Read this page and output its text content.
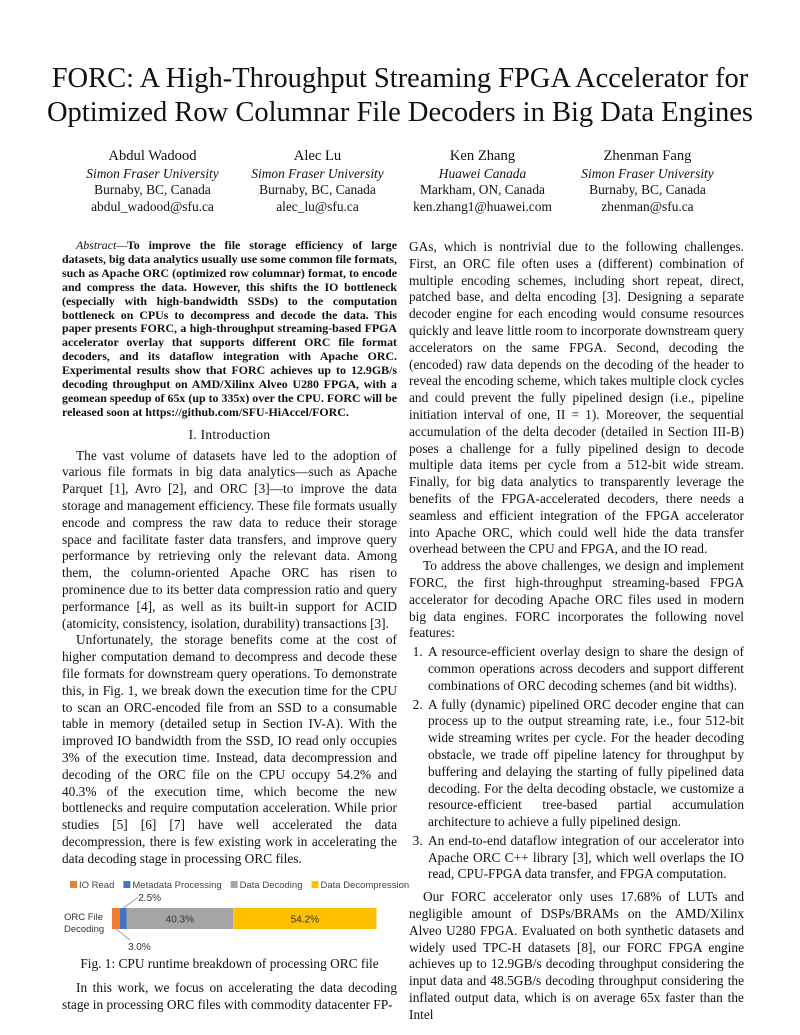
FORC: A High-Throughput Streaming FPGA Accelerator for
Optimized Row Columnar File Decoders in Big Data Engines
Abdul Wadood
Simon Fraser University
Burnaby, BC, Canada
abdul_wadood@sfu.ca
Alec Lu
Simon Fraser University
Burnaby, BC, Canada
alec_lu@sfu.ca
Ken Zhang
Huawei Canada
Markham, ON, Canada
ken.zhang1@huawei.com
Zhenman Fang
Simon Fraser University
Burnaby, BC, Canada
zhenman@sfu.ca

Abstract—To improve the file storage efficiency of large datasets, big data analytics usually use some common file formats, such as Apache ORC (optimized row columnar) format, to encode and compress the data. However, this shifts the IO bottleneck (especially with high-bandwidth SSDs) to the computation bottleneck on CPUs to decompress and decode the data. This paper presents FORC, a high-throughput streaming-based FPGA accelerator overlay that supports different ORC file format decoders, and its dataflow integration with Apache ORC. Experimental results show that FORC achieves up to 12.9GB/s decoding throughput on AMD/Xilinx Alveo U280 FPGA, with a geomean speedup of 65x (up to 335x) over the CPU. FORC will be released soon at https://github.com/SFU-HiAccel/FORC.

I. Introduction

The vast volume of datasets have led to the adoption of various file formats in big data analytics—such as Apache Parquet [1], Avro [2], and ORC [3]—to improve the data storage and management efficiency. These file formats usually encode and compress the raw data to reduce their storage space and facilitate faster data transfers, and improve query performance by retrieving only the relevant data. Among them, the column-oriented Apache ORC has risen to prominence due to its better data compression ratio and query performance [4], as well as its built-in support for ACID (atomicity, consistency, isolation, durability) transactions [3].

Unfortunately, the storage benefits come at the cost of higher computation demand to decompress and decode these file formats for downstream query operations. To demonstrate this, in Fig. 1, we break down the execution time for the CPU to scan an ORC-encoded file from an SSD to a consumable table in memory (detailed setup in Section IV-A). With the improved IO bandwidth from the SSD, IO read only occupies 3% of the execution time. Instead, data decompression and decoding of the ORC file on the CPU occupy 54.2% and 40.3% of the execution time, which become the new bottlenecks and require computation acceleration. While prior studies [5] [6] [7] have well accelerated the data decompression, there is few existing work in accelerating the data decoding stage in processing ORC files.

IO Read Metadata Processing Data Decoding Data Decompression
ORC File
Decoding
2.5%
3.0%
40.3%	54.2%

Fig. 1: CPU runtime breakdown of processing ORC file

In this work, we focus on accelerating the data decoding stage in processing ORC files with commodity datacenter FP-

GAs, which is nontrivial due to the following challenges. First, an ORC file often uses a (different) combination of multiple encoding schemes, including short repeat, direct, patched base, and delta encoding [3]. Designing a separate decoder engine for each encoding would consume resources quickly and leave little room to incorporate downstream query accelerators on the same FPGA. Second, decoding the (encoded) raw data depends on the decoding of the header to reveal the encoding scheme, which takes multiple clock cycles and could prevent the fully pipelined design (i.e., pipeline initiation interval of one, II = 1). Moreover, the sequential accumulation of the delta decoder (detailed in Section III-B) poses a challenge for a fully pipelined design to decode multiple data items per cycle from a 512-bit wide stream. Finally, for big data analytics to transparently leverage the benefits of the FPGA-accelerated decoders, there needs a seamless and efficient integration of the FPGA accelerator into Apache ORC, which could well hide the data transfer overhead between the CPU and FPGA, and the IO read.

To address the above challenges, we design and implement FORC, the first high-throughput streaming-based FPGA accelerator for decoding Apache ORC files used in modern big data engines. FORC incorporates the following novel features:

1. A resource-efficient overlay design to share the design of common operations across decoders and support different combinations of ORC decoding schemes (and bit widths).
2. A fully (dynamic) pipelined ORC decoder engine that can process up to the output streaming rate, i.e., four 512-bit wide streaming writes per cycle. For the header decoding obstacle, we trade off pipeline latency for throughput by buffering and delaying the starting of fully pipelined data decoding. For the delta decoding obstacle, we customize a resource-efficient tree-based partial accumulation architecture to achieve a fully pipelined design.
3. An end-to-end dataflow integration of our accelerator into Apache ORC C++ library [3], which well overlaps the IO read, CPU-FPGA data transfer, and FPGA computation.

Our FORC accelerator only uses 17.68% of LUTs and negligible amount of DSPs/BRAMs on the AMD/Xilinx Alveo U280 FPGA. Evaluated on both synthetic datasets and widely used TPC-H datasets [8], our FORC FPGA engine achieves up to 12.9GB/s decoding throughput considering the input data and 48.5GB/s decoding throughput considering the inflated output data, which is on average 65x faster than the Intel
